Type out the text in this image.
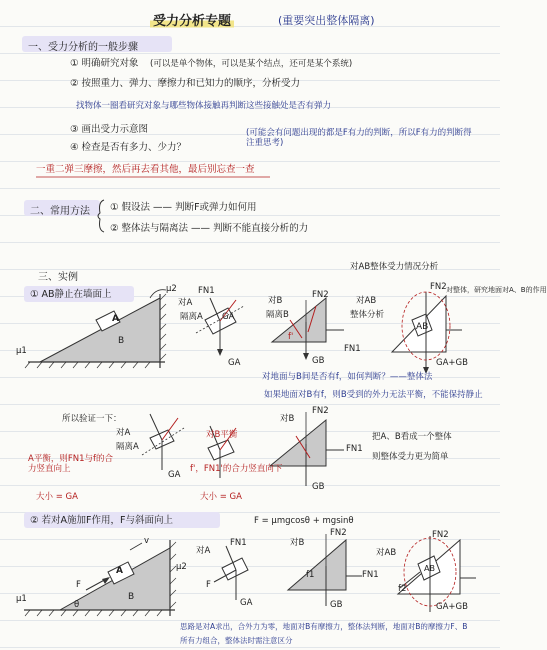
受力分析专题	(重要突出整体隔离)
一、受力分析的一般步骤
① 明确研究对象 (可以是单个物体，可以是某个结点，还可是某个系统)
② 按照重力、弹力、摩擦力和已知力的顺序，分析受力
找物体一圈看研究对象与哪些物体接触再判断这些接触处是否有弹力
③ 画出受力示意图	(可能会有问题出现的都是F有力的判断，所以F有力的判断得注重思考)
④ 检查是否有多力、少力？
一重二弹三摩擦，然后再去看其他，最后别忘查一查
二、常用方法 ① 假设法 —— 判断F或弹力如何用
② 整体法与隔离法 —— 判断不能直接分析的力
三、实例
① AB静止在墙面上
A
B
μ1
μ2
对A
隔离A GA
FN1
GA
对B
隔离B
FN2
FN1
GB
f'
对AB
整体分析
对AB整体受力情况分析
AB
FN2
GA+GB
对整体，研究地面对A、B的作用
对地面与B间是否有f，如何判断？——整体法
如果地面对B有f，则B受到的外力无法平衡，不能保持静止
所以验证一下：
A平衡，则FN1与f的合力竖直向上
大小 = GA
对A
隔离A
GA
对B平衡
f'，FN1'的合力竖直向下
大小 = GA
对B
FN2
FN1
GB
把A、B看成一个整体
则整体受力更为简单
② 若对A施加F作用，F与斜面向上	F = μmgcosθ + mgsinθ
A
B
F
v
θ
μ1
μ2
对A
FN1
GA
F
对B
FN2
FN1
GB
f1
对AB
FN2
GA+GB
f2
AB
思路是对A求出，合外力为零，地面对B有摩擦力，整体法判断，地面对B的摩擦力F、B
所有力组合，整体法时需注意区分
